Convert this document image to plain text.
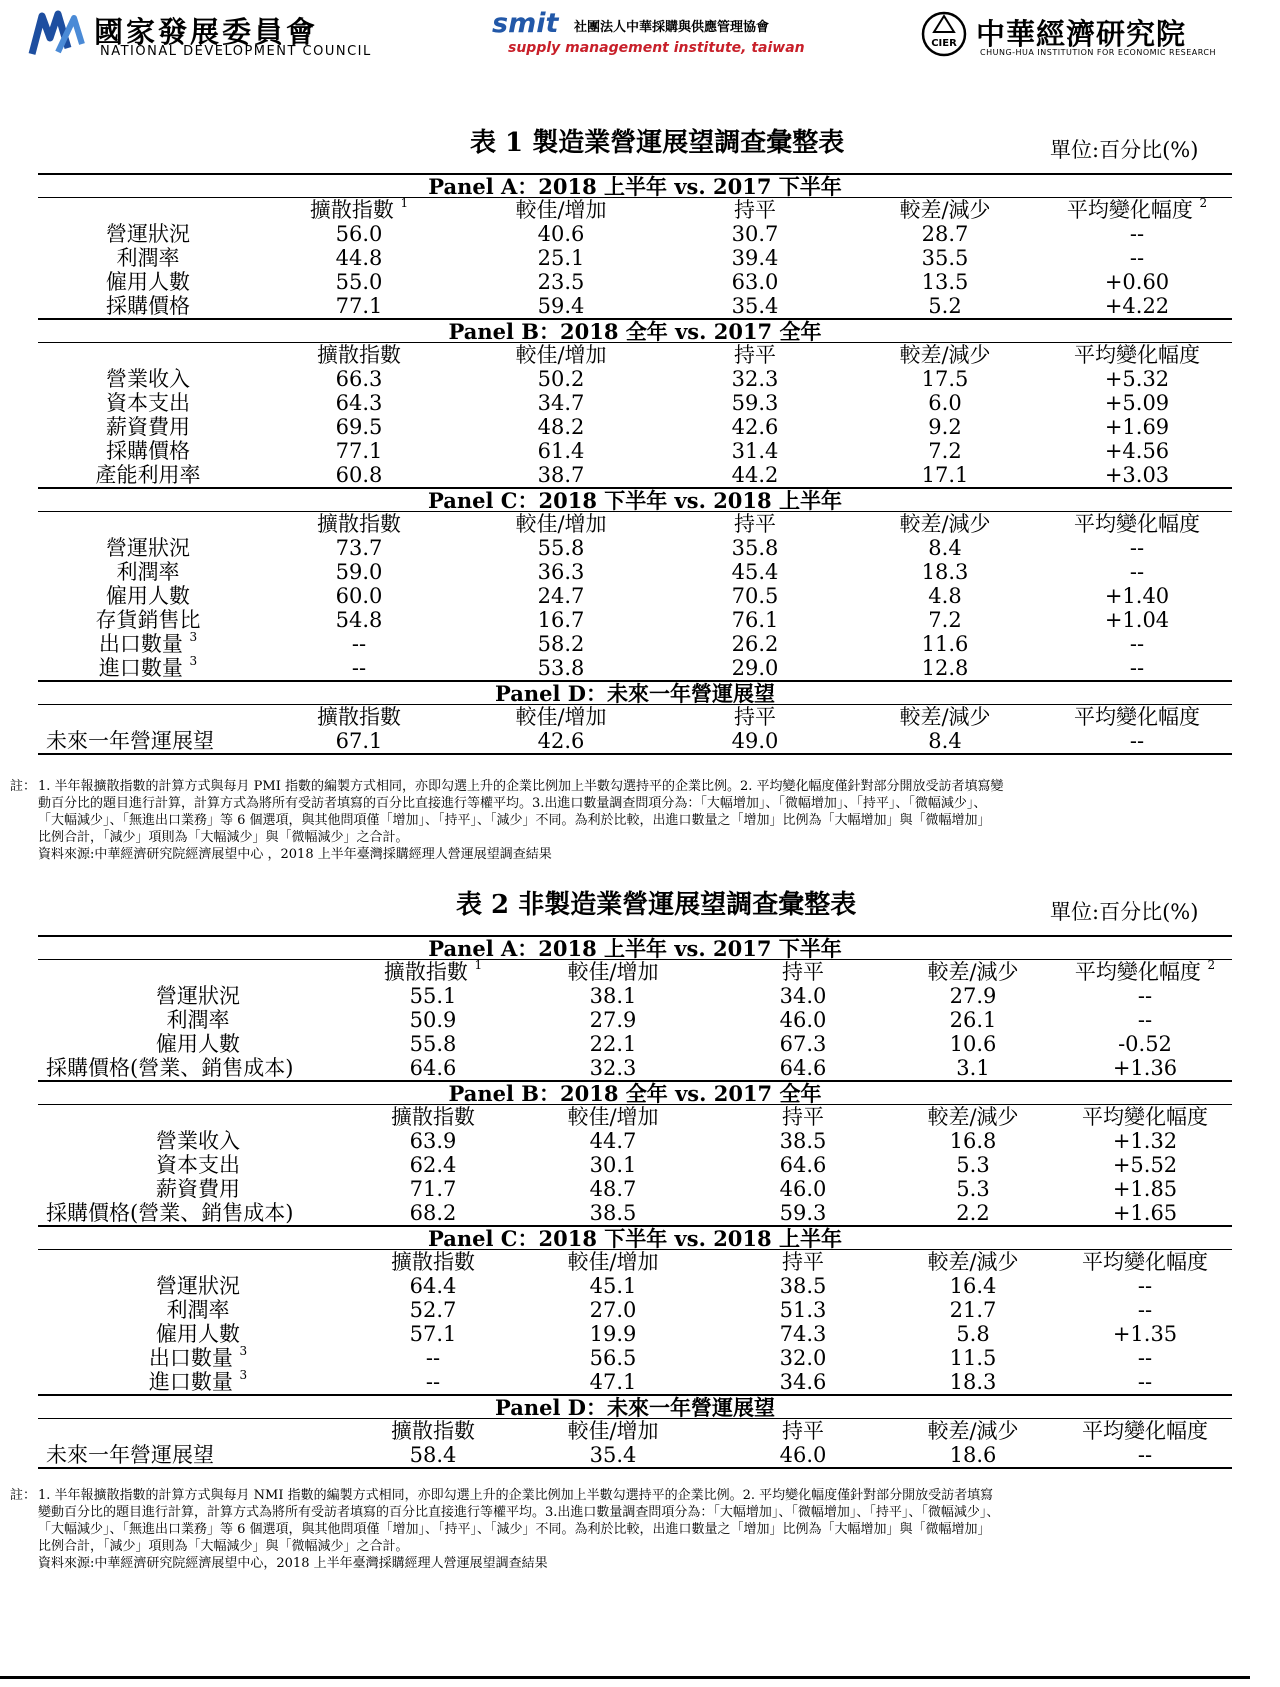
國家發展委員會
NATIONAL DEVELOPMENT COUNCIL
smit 社團法人中華採購與供應管理協會
supply management institute, taiwan	CIER 中華經濟研究院
CHUNG-HUA INSTITUTION FOR ECONOMIC RESEARCH
表 1 製造業營運展望調查彙整表	單位:百分比(%)
Panel A：2018 上半年 vs. 2017 下半年					
	擴散指數 $^1$	較佳/增加	持平	較差/減少	平均變化幅度 $^2$
營運狀況	56.0	40.6	30.7	28.7	--
利潤率	44.8	25.1	39.4	35.5	--
僱用人數	55.0	23.5	63.0	13.5	+0.60
採購價格	77.1	59.4	35.4	5.2	+4.22
Panel B：2018 全年 vs. 2017 全年					
	擴散指數	較佳/增加	持平	較差/減少	平均變化幅度
營業收入	66.3	50.2	32.3	17.5	+5.32
資本支出	64.3	34.7	59.3	6.0	+5.09
薪資費用	69.5	48.2	42.6	9.2	+1.69
採購價格	77.1	61.4	31.4	7.2	+4.56
產能利用率	60.8	38.7	44.2	17.1	+3.03
Panel C：2018 下半年 vs. 2018 上半年					
	擴散指數	較佳/增加	持平	較差/減少	平均變化幅度
營運狀況	73.7	55.8	35.8	8.4	--
利潤率	59.0	36.3	45.4	18.3	--
僱用人數	60.0	24.7	70.5	4.8	+1.40
存貨銷售比	54.8	16.7	76.1	7.2	+1.04
出口數量 $^3$	--	58.2	26.2	11.6	--
進口數量 $^3$	--	53.8	29.0	12.8	--
Panel D：未來一年營運展望					
	擴散指數	較佳/增加	持平	較差/減少	平均變化幅度
未來一年營運展望	67.1	42.6	49.0	8.4	--
註： 1. 半年報擴散指數的計算方式與每月 PMI 指數的編製方式相同，亦即勾選上升的企業比例加上半數勾選持平的企業比例。2. 平均變化幅度僅針對部分開放受訪者填寫變
動百分比的題目進行計算，計算方式為將所有受訪者填寫的百分比直接進行等權平均。3.出進口數量調查問項分為：「大幅增加」、「微幅增加」、「持平」、「微幅減少」、
「大幅減少」、「無進出口業務」等 6 個選項，與其他問項僅「增加」、「持平」、「減少」不同。為利於比較，出進口數量之「增加」比例為「大幅增加」與「微幅增加」
比例合計，「減少」項則為「大幅減少」與「微幅減少」之合計。
資料來源:中華經濟研究院經濟展望中心 ，2018 上半年臺灣採購經理人營運展望調查結果
表 2 非製造業營運展望調查彙整表	單位:百分比(%)
Panel A：2018 上半年 vs. 2017 下半年					
	擴散指數 $^1$	較佳/增加	持平	較差/減少	平均變化幅度 $^2$
營運狀況	55.1	38.1	34.0	27.9	--
利潤率	50.9	27.9	46.0	26.1	--
僱用人數	55.8	22.1	67.3	10.6	-0.52
採購價格(營業、銷售成本)	64.6	32.3	64.6	3.1	+1.36
Panel B：2018 全年 vs. 2017 全年					
	擴散指數	較佳/增加	持平	較差/減少	平均變化幅度
營業收入	63.9	44.7	38.5	16.8	+1.32
資本支出	62.4	30.1	64.6	5.3	+5.52
薪資費用	71.7	48.7	46.0	5.3	+1.85
採購價格(營業、銷售成本)	68.2	38.5	59.3	2.2	+1.65
Panel C：2018 下半年 vs. 2018 上半年					
	擴散指數	較佳/增加	持平	較差/減少	平均變化幅度
營運狀況	64.4	45.1	38.5	16.4	--
利潤率	52.7	27.0	51.3	21.7	--
僱用人數	57.1	19.9	74.3	5.8	+1.35
出口數量 $^3$	--	56.5	32.0	11.5	--
進口數量 $^3$	--	47.1	34.6	18.3	--
Panel D：未來一年營運展望					
	擴散指數	較佳/增加	持平	較差/減少	平均變化幅度
未來一年營運展望	58.4	35.4	46.0	18.6	--
註： 1. 半年報擴散指數的計算方式與每月 NMI 指數的編製方式相同，亦即勾選上升的企業比例加上半數勾選持平的企業比例。2. 平均變化幅度僅針對部分開放受訪者填寫
變動百分比的題目進行計算，計算方式為將所有受訪者填寫的百分比直接進行等權平均。3.出進口數量調查問項分為：「大幅增加」、「微幅增加」、「持平」、「微幅減少」、
「大幅減少」、「無進出口業務」等 6 個選項，與其他問項僅「增加」、「持平」、「減少」不同。為利於比較，出進口數量之「增加」比例為「大幅增加」與「微幅增加」
比例合計，「減少」項則為「大幅減少」與「微幅減少」之合計。
資料來源:中華經濟研究院經濟展望中心，2018 上半年臺灣採購經理人營運展望調查結果
